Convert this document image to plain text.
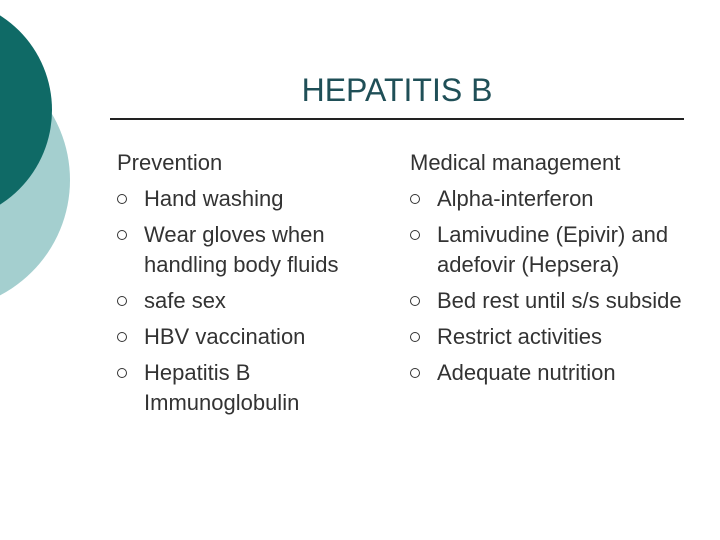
HEPATITIS B
Prevention
Hand washing
Wear gloves when handling body fluids
safe sex
HBV vaccination
Hepatitis B Immunoglobulin
Medical management
Alpha-interferon
Lamivudine (Epivir) and adefovir (Hepsera)
Bed rest until s/s subside
Restrict activities
Adequate nutrition
